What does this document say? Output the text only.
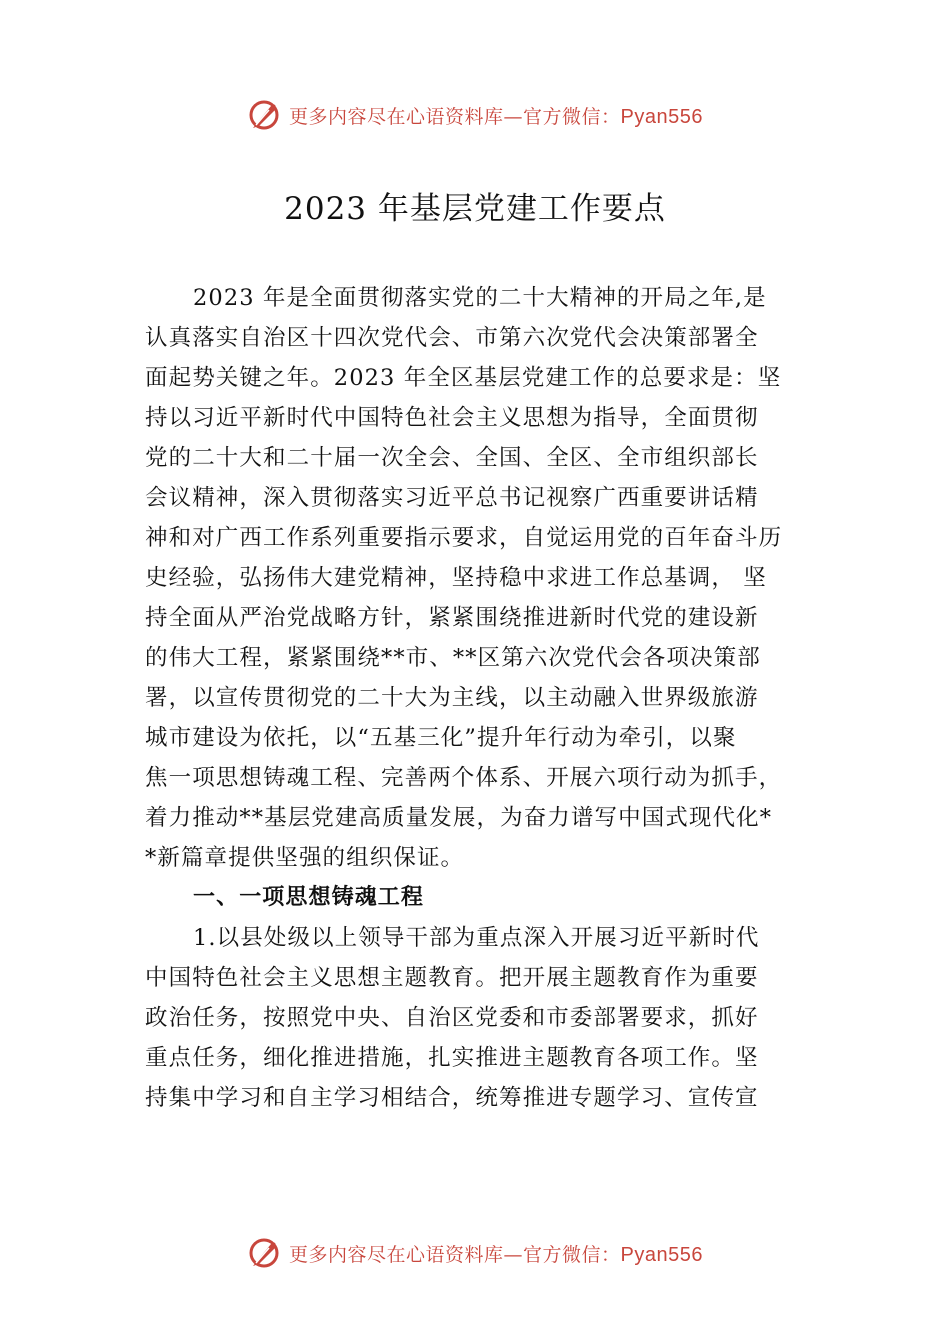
更多内容尽在心语资料库—官方微信：Pyan556
2023 年基层党建工作要点
2023 年是全面贯彻落实党的二十大精神的开局之年,是
认真落实自治区十四次党代会、市第六次党代会决策部署全
面起势关键之年。2023 年全区基层党建工作的总要求是：坚
持以习近平新时代中国特色社会主义思想为指导，全面贯彻
党的二十大和二十届一次全会、全国、全区、全市组织部长
会议精神，深入贯彻落实习近平总书记视察广西重要讲话精
神和对广西工作系列重要指示要求，自觉运用党的百年奋斗历
史经验，弘扬伟大建党精神，坚持稳中求进工作总基调， 坚
持全面从严治党战略方针，紧紧围绕推进新时代党的建设新
的伟大工程，紧紧围绕**市、**区第六次党代会各项决策部
署，以宣传贯彻党的二十大为主线，以主动融入世界级旅游
城市建设为依托，以“五基三化”提升年行动为牵引，以聚
焦一项思想铸魂工程、完善两个体系、开展六项行动为抓手，
着力推动**基层党建高质量发展，为奋力谱写中国式现代化*
*新篇章提供坚强的组织保证。
一、一项思想铸魂工程
1.以县处级以上领导干部为重点深入开展习近平新时代
中国特色社会主义思想主题教育。把开展主题教育作为重要
政治任务，按照党中央、自治区党委和市委部署要求，抓好
重点任务，细化推进措施，扎实推进主题教育各项工作。坚
持集中学习和自主学习相结合，统筹推进专题学习、宣传宣
更多内容尽在心语资料库—官方微信：Pyan556
